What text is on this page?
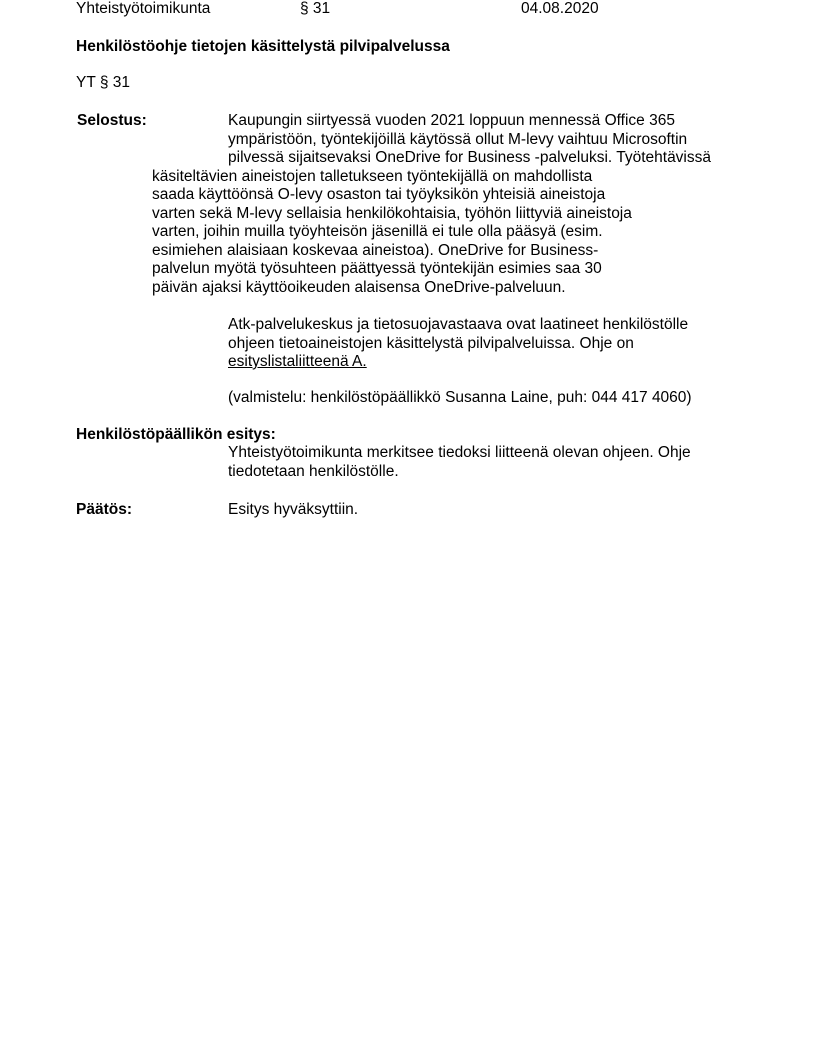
Yhteistyötoimikunta	§ 31	04.08.2020
Henkilöstöohje tietojen käsittelystä pilvipalvelussa
YT § 31
Selostus:	Kaupungin siirtyessä vuoden 2021 loppuun mennessä Office 365
ympäristöön, työntekijöillä käytössä ollut M-levy vaihtuu Microsoftin
pilvessä sijaitsevaksi OneDrive for Business -palveluksi. Työtehtävissä
käsiteltävien aineistojen talletukseen työntekijällä on mahdollista
saada käyttöönsä O-levy osaston tai työyksikön yhteisiä aineistoja
varten sekä M-levy sellaisia henkilökohtaisia, työhön liittyviä aineistoja
varten, joihin muilla työyhteisön jäsenillä ei tule olla pääsyä (esim.
esimiehen alaisiaan koskevaa aineistoa). OneDrive for Business-
palvelun myötä työsuhteen päättyessä työntekijän esimies saa 30
päivän ajaksi käyttöoikeuden alaisensa OneDrive-palveluun.
Atk-palvelukeskus ja tietosuojavastaava ovat laatineet henkilöstölle
ohjeen tietoaineistojen käsittelystä pilvipalveluissa. Ohje on
esityslistaliitteenä A.
(valmistelu: henkilöstöpäällikkö Susanna Laine, puh: 044 417 4060)
Henkilöstöpäällikön esitys:
Yhteistyötoimikunta merkitsee tiedoksi liitteenä olevan ohjeen. Ohje
tiedotetaan henkilöstölle.
Päätös:	Esitys hyväksyttiin.
